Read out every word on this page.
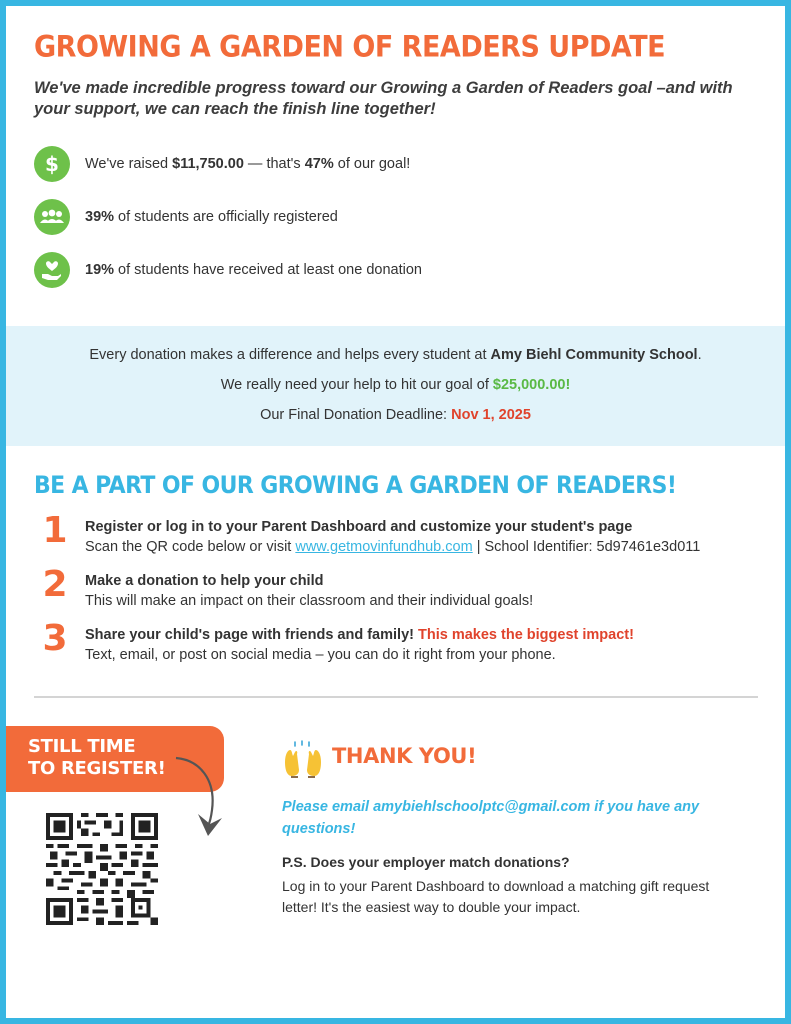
GROWING A GARDEN OF READERS UPDATE
We've made incredible progress toward our Growing a Garden of Readers goal –and with your support, we can reach the finish line together!
$ We've raised $11,750.00 — that's 47% of our goal!
39% of students are officially registered
19% of students have received at least one donation
Every donation makes a difference and helps every student at Amy Biehl Community School.
We really need your help to hit our goal of $25,000.00!
Our Final Donation Deadline: Nov 1, 2025
BE A PART OF OUR GROWING A GARDEN OF READERS!
1	Register or log in to your Parent Dashboard and customize your student's page
Scan the QR code below or visit www.getmovinfundhub.com | School Identifier: 5d97461e3d011
2	Make a donation to help your child
This will make an impact on their classroom and their individual goals!
3	Share your child's page with friends and family! This makes the biggest impact!
Text, email, or post on social media – you can do it right from your phone.
STILL TIME
TO REGISTER!
THANK YOU!
Please email amybiehlschoolptc@gmail.com if you have any questions!
P.S. Does your employer match donations?
Log in to your Parent Dashboard to download a matching gift request letter! It's the easiest way to double your impact.
